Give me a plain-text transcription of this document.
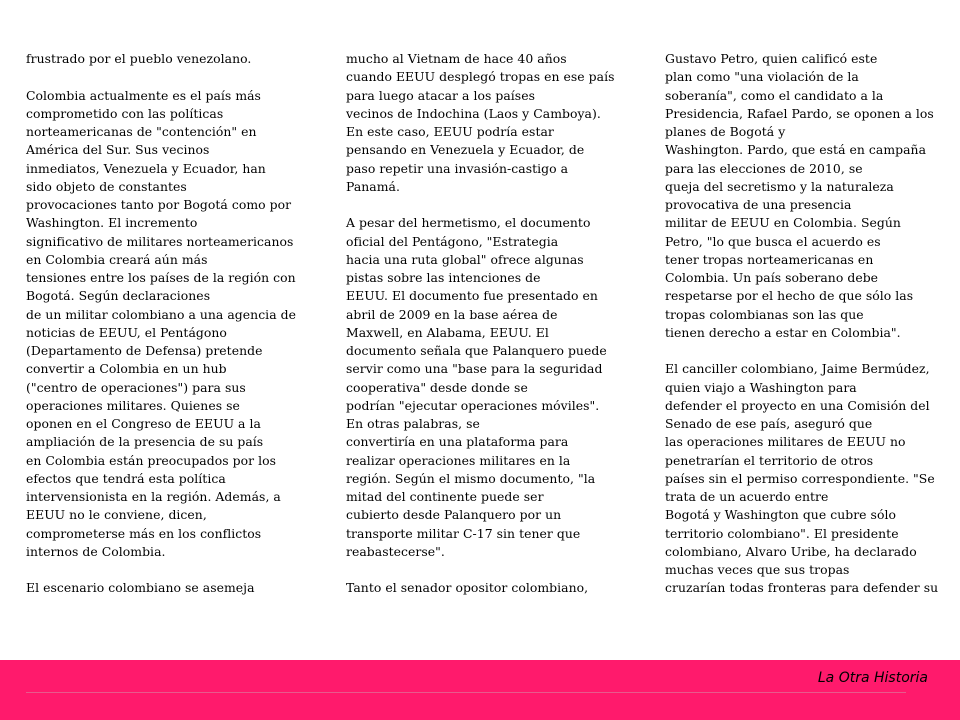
frustrado por el pueblo venezolano.
Colombia actualmente es el país más
comprometido con las políticas
norteamericanas de "contención" en
América del Sur. Sus vecinos
inmediatos, Venezuela y Ecuador, han
sido objeto de constantes
provocaciones tanto por Bogotá como por
Washington. El incremento
significativo de militares norteamericanos
en Colombia creará aún más
tensiones entre los países de la región con
Bogotá. Según declaraciones
de un militar colombiano a una agencia de
noticias de EEUU, el Pentágono
(Departamento de Defensa) pretende
convertir a Colombia en un hub
("centro de operaciones") para sus
operaciones militares. Quienes se
oponen en el Congreso de EEUU a la
ampliación de la presencia de su país
en Colombia están preocupados por los
efectos que tendrá esta política
intervensionista en la región. Además, a
EEUU no le conviene, dicen,
comprometerse más en los conflictos
internos de Colombia.
El escenario colombiano se asemeja
mucho al Vietnam de hace 40 años
cuando EEUU desplegó tropas en ese país
para luego atacar a los países
vecinos de Indochina (Laos y Camboya).
En este caso, EEUU podría estar
pensando en Venezuela y Ecuador, de
paso repetir una invasión-castigo a
Panamá.
A pesar del hermetismo, el documento
oficial del Pentágono, "Estrategia
hacia una ruta global" ofrece algunas
pistas sobre las intenciones de
EEUU. El documento fue presentado en
abril de 2009 en la base aérea de
Maxwell, en Alabama, EEUU. El
documento señala que Palanquero puede
servir como una "base para la seguridad
cooperativa" desde donde se
podrían "ejecutar operaciones móviles".
En otras palabras, se
convertiría en una plataforma para
realizar operaciones militares en la
región. Según el mismo documento, "la
mitad del continente puede ser
cubierto desde Palanquero por un
transporte militar C-17 sin tener que
reabastecerse".
Tanto el senador opositor colombiano,
Gustavo Petro, quien calificó este
plan como "una violación de la
soberanía", como el candidato a la
Presidencia, Rafael Pardo, se oponen a los
planes de Bogotá y
Washington. Pardo, que está en campaña
para las elecciones de 2010, se
queja del secretismo y la naturaleza
provocativa de una presencia
militar de EEUU en Colombia. Según
Petro, "lo que busca el acuerdo es
tener tropas norteamericanas en
Colombia. Un país soberano debe
respetarse por el hecho de que sólo las
tropas colombianas son las que
tienen derecho a estar en Colombia".
El canciller colombiano, Jaime Bermúdez,
quien viajo a Washington para
defender el proyecto en una Comisión del
Senado de ese país, aseguró que
las operaciones militares de EEUU no
penetrarían el territorio de otros
países sin el permiso correspondiente. "Se
trata de un acuerdo entre
Bogotá y Washington que cubre sólo
territorio colombiano". El presidente
colombiano, Alvaro Uribe, ha declarado
muchas veces que sus tropas
cruzarían todas fronteras para defender su
La Otra Historia
